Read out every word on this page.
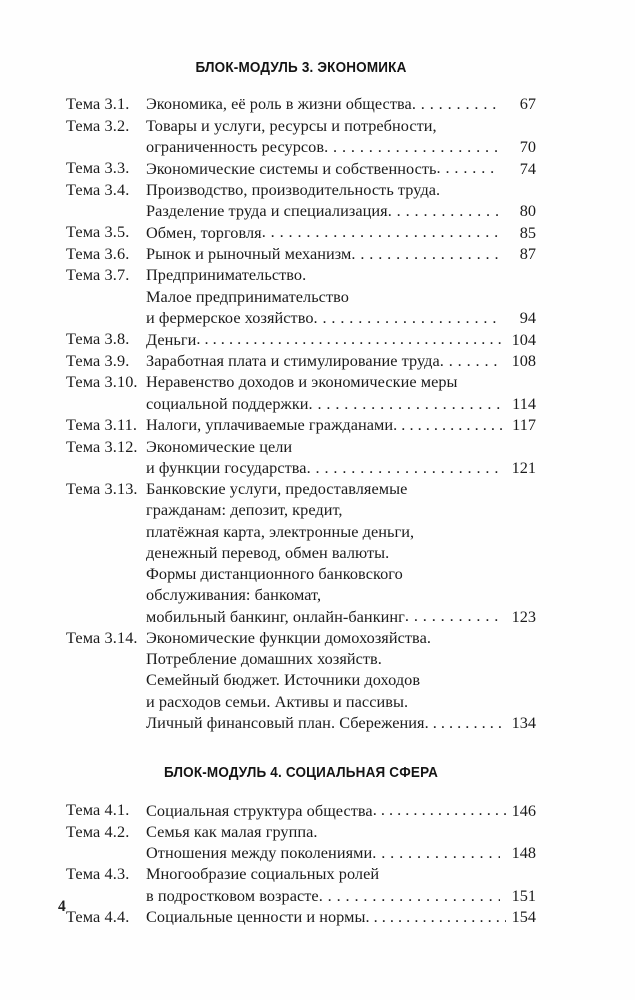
БЛОК-МОДУЛЬ 3. ЭКОНОМИКА
Тема 3.1.	Экономика, её роль в жизни общества . . .	67
Тема 3.2.	Товары и услуги, ресурсы и потребности,
ограниченность ресурсов . . .	70
Тема 3.3.	Экономические системы и собственность . . .	74
Тема 3.4.	Производство, производительность труда.
Разделение труда и специализация . . .	80
Тема 3.5.	Обмен, торговля . . .	85
Тема 3.6.	Рынок и рыночный механизм . . .	87
Тема 3.7.	Предпринимательство.
Малое предпринимательство
и фермерское хозяйство . . .	94
Тема 3.8.	Деньги . . .	104
Тема 3.9.	Заработная плата и стимулирование труда . . .	108
Тема 3.10. Неравенство доходов и экономические меры
социальной поддержки . . .	114
Тема 3.11. Налоги, уплачиваемые гражданами . . .	117
Тема 3.12. Экономические цели
и функции государства . . .	121
Тема 3.13. Банковские услуги, предоставляемые
гражданам: депозит, кредит,
платёжная карта, электронные деньги,
денежный перевод, обмен валюты.
Формы дистанционного банковского
обслуживания: банкомат,
мобильный банкинг, онлайн-банкинг . . .	123
Тема 3.14. Экономические функции домохозяйства.
Потребление домашних хозяйств.
Семейный бюджет. Источники доходов
и расходов семьи. Активы и пассивы.
Личный финансовый план. Сбережения . . .	134
БЛОК-МОДУЛЬ 4. СОЦИАЛЬНАЯ СФЕРА
Тема 4.1.	Социальная структура общества . . .	146
Тема 4.2.	Семья как малая группа.
Отношения между поколениями . . .	148
Тема 4.3.	Многообразие социальных ролей
в подростковом возрасте . . .	151
Тема 4.4.	Социальные ценности и нормы . . .	154
4
